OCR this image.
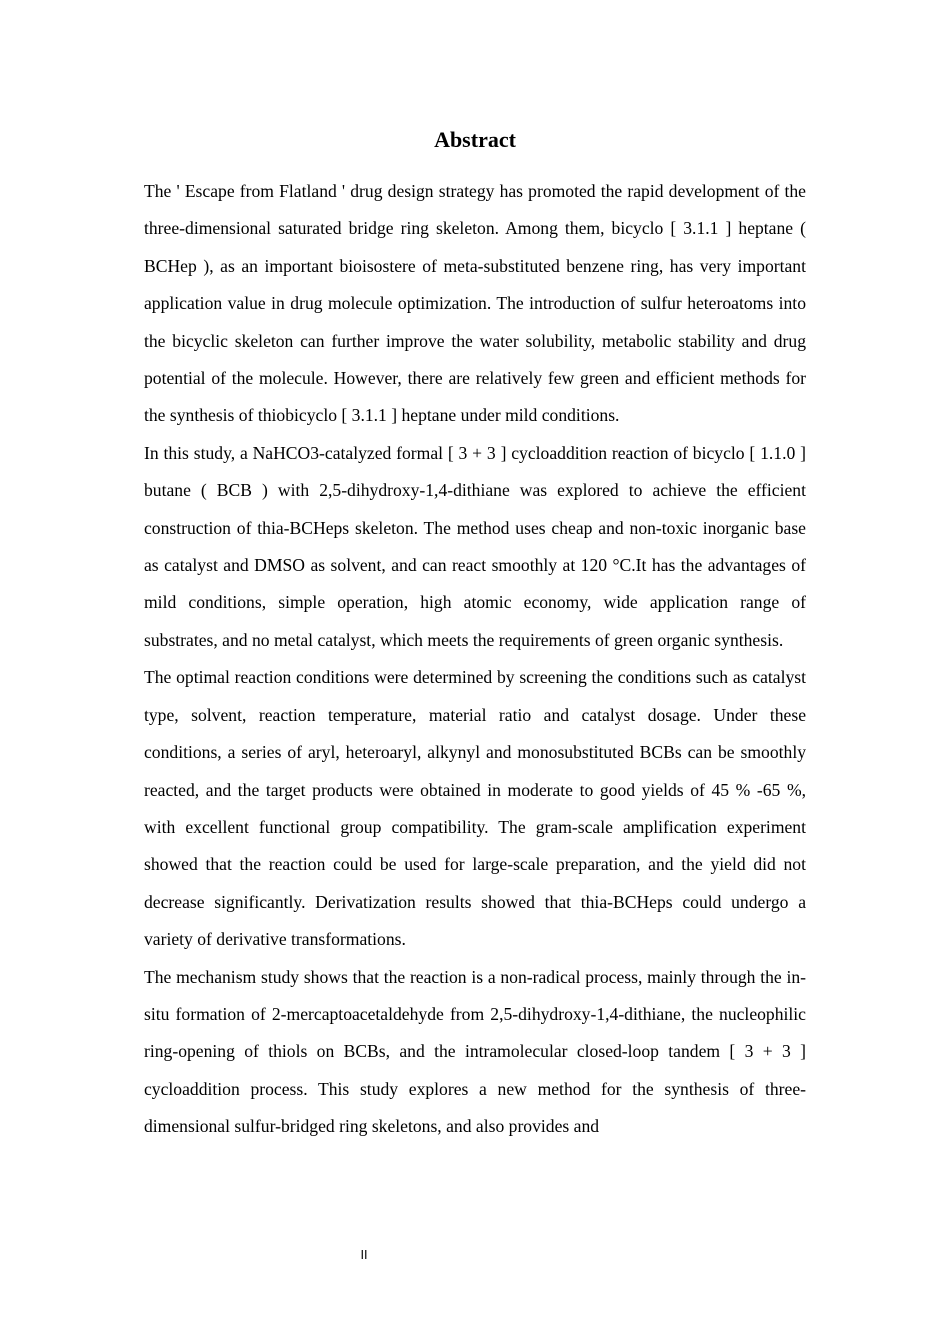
Abstract

The ' Escape from Flatland ' drug design strategy has promoted the rapid development of the three-dimensional saturated bridge ring skeleton. Among them, bicyclo [ 3.1.1 ] heptane ( BCHep ), as an important bioisostere of meta-substituted benzene ring, has very important application value in drug molecule optimization. The introduction of sulfur heteroatoms into the bicyclic skeleton can further improve the water solubility, metabolic stability and drug potential of the molecule. However, there are relatively few green and efficient methods for the synthesis of thiobicyclo [ 3.1.1 ] heptane under mild conditions.

In this study, a NaHCO3-catalyzed formal [ 3 + 3 ] cycloaddition reaction of bicyclo [ 1.1.0 ] butane ( BCB ) with 2,5-dihydroxy-1,4-dithiane was explored to achieve the efficient construction of thia-BCHeps skeleton. The method uses cheap and non-toxic inorganic base as catalyst and DMSO as solvent, and can react smoothly at 120 °C.It has the advantages of mild conditions, simple operation, high atomic economy, wide application range of substrates, and no metal catalyst, which meets the requirements of green organic synthesis.

The optimal reaction conditions were determined by screening the conditions such as catalyst type, solvent, reaction temperature, material ratio and catalyst dosage. Under these conditions, a series of aryl, heteroaryl, alkynyl and monosubstituted BCBs can be smoothly reacted, and the target products were obtained in moderate to good yields of 45 % -65 %, with excellent functional group compatibility. The gram-scale amplification experiment showed that the reaction could be used for large-scale preparation, and the yield did not decrease significantly. Derivatization results showed that thia-BCHeps could undergo a variety of derivative transformations.

The mechanism study shows that the reaction is a non-radical process, mainly through the in-situ formation of 2-mercaptoacetaldehyde from 2,5-dihydroxy-1,4-dithiane, the nucleophilic ring-opening of thiols on BCBs, and the intramolecular closed-loop tandem [ 3 + 3 ] cycloaddition process. This study explores a new method for the synthesis of three-dimensional sulfur-bridged ring skeletons, and also provides and

II
